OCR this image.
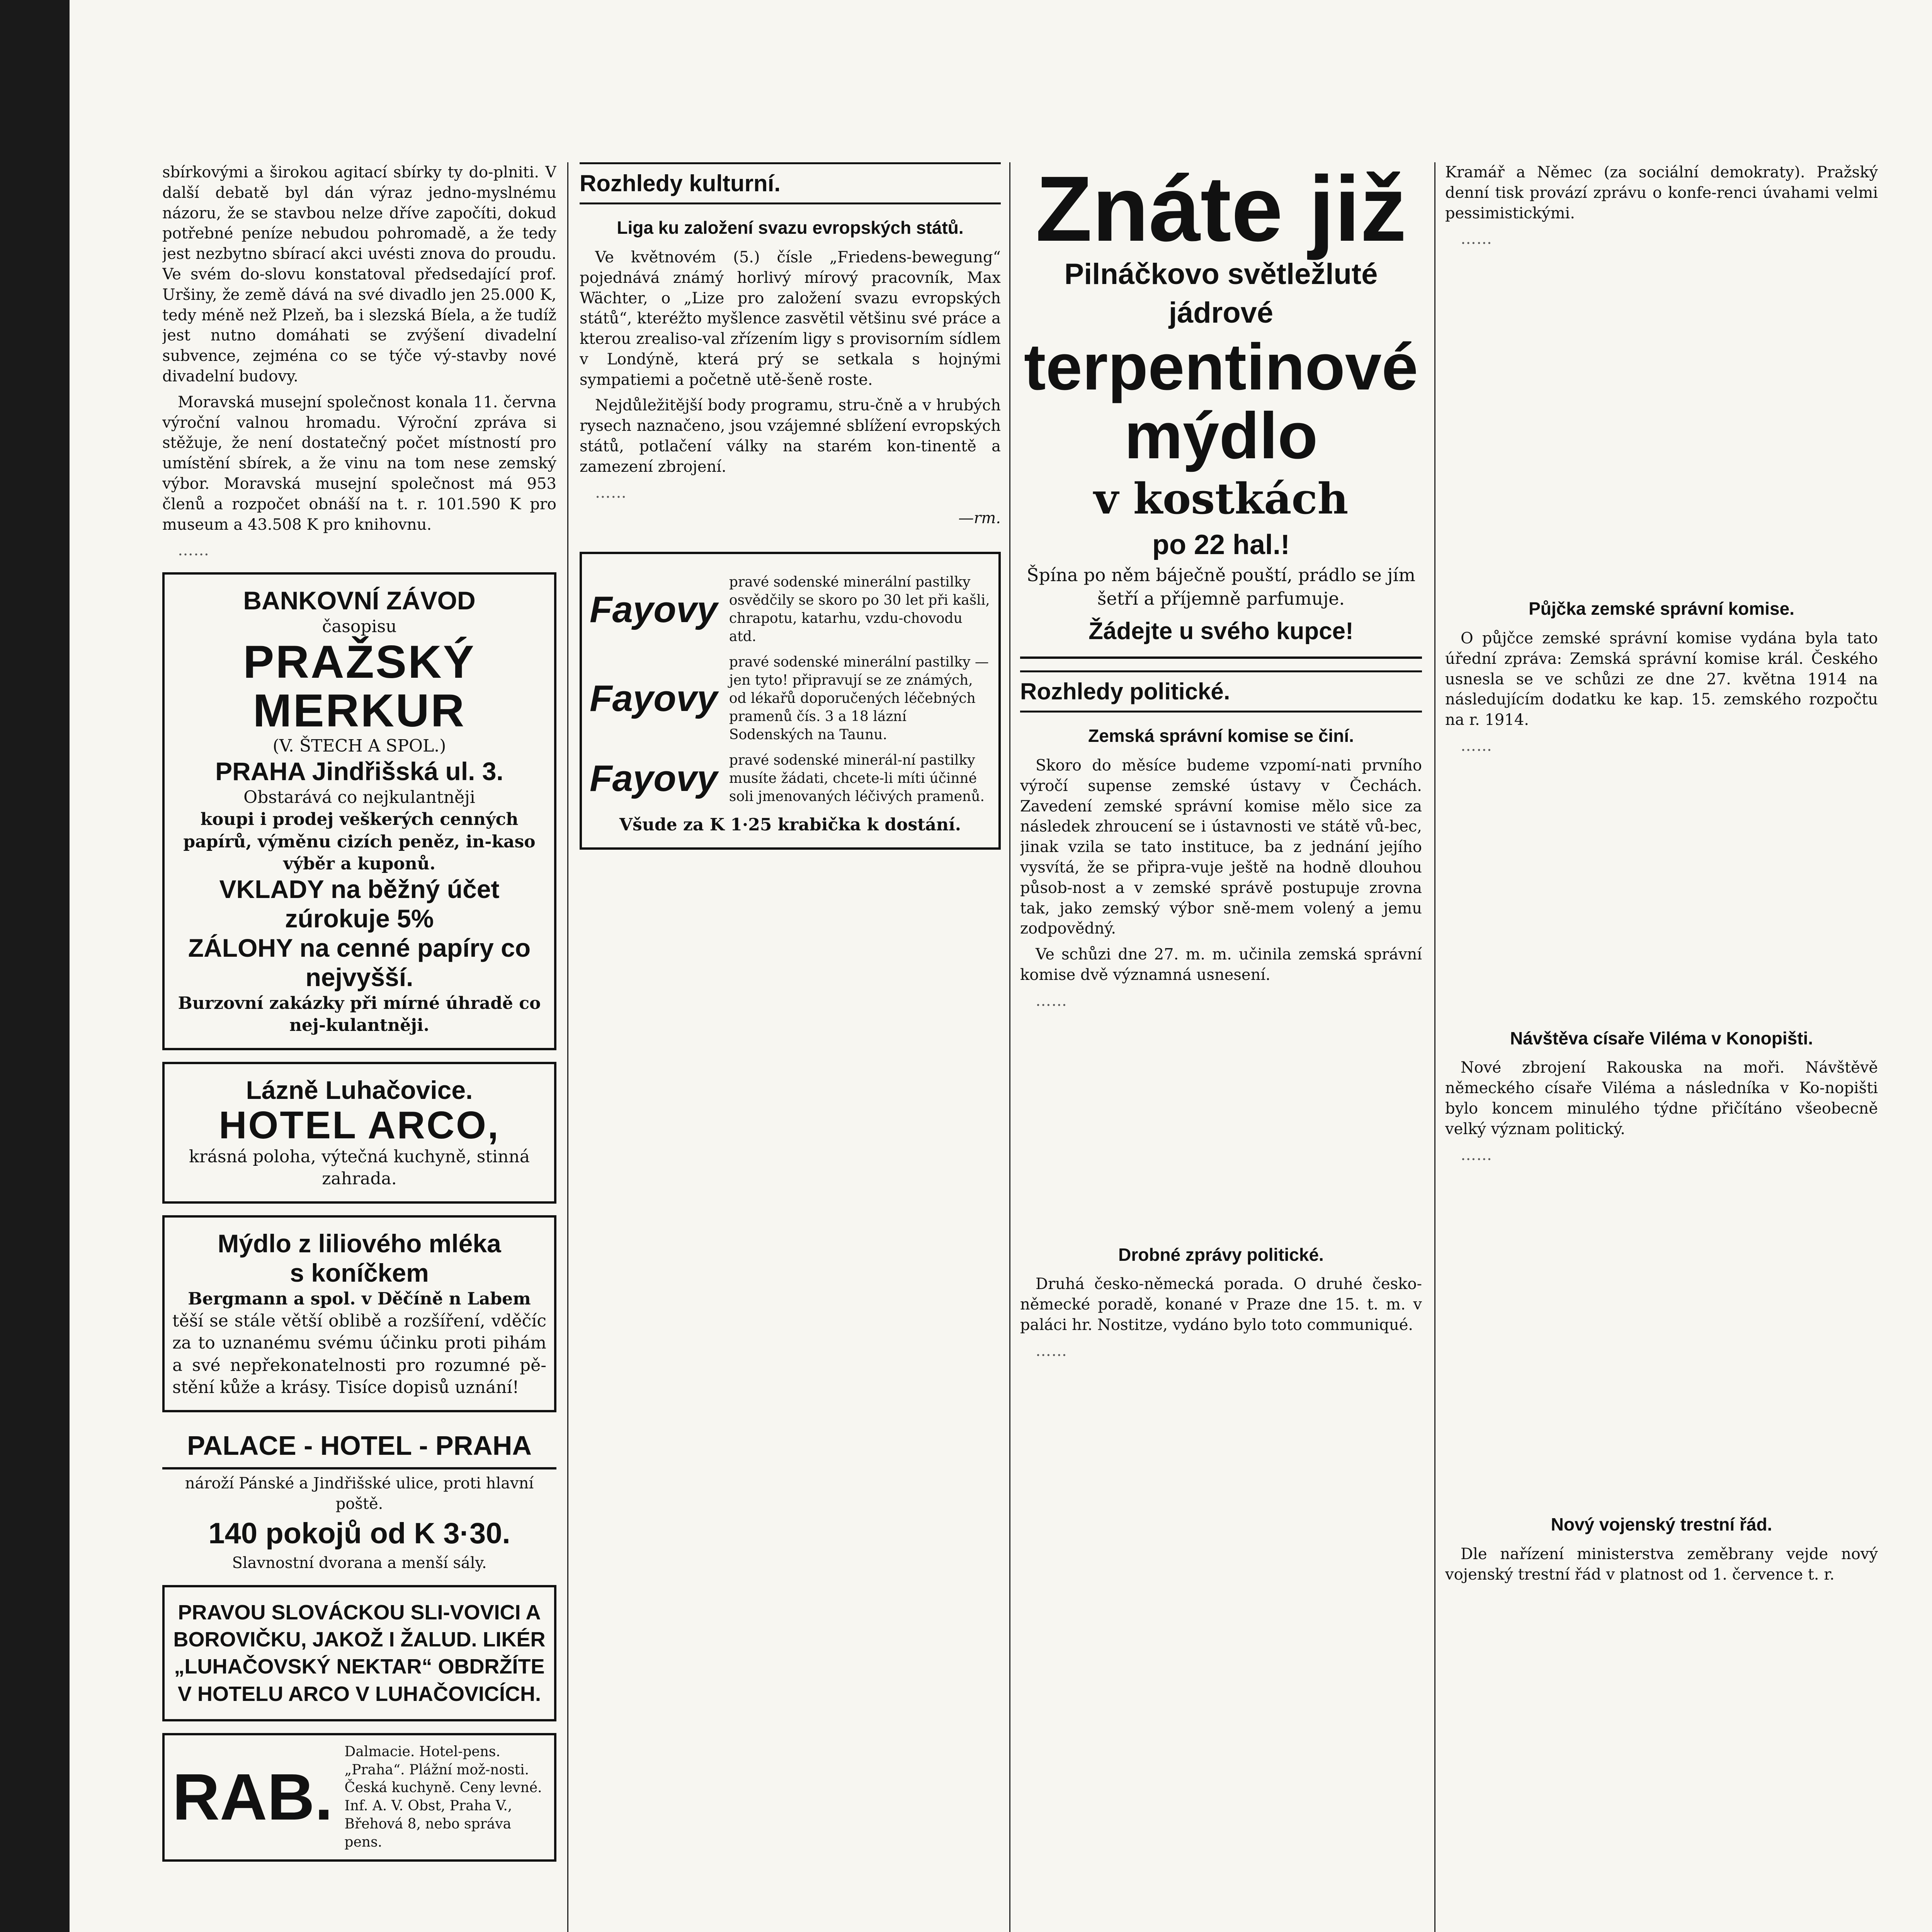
sbírkovými a širokou agitací sbírky ty do-plniti. V další debatě byl dán výraz jedno-myslnému názoru, že se stavbou nelze dříve započíti, dokud potřebné peníze nebudou pohromadě, a že tedy jest nezbytno sbírací akci uvésti znova do proudu. Ve svém do-slovu konstatoval předsedající prof. Uršiny, že země dává na své divadlo jen 25.000 K, tedy méně než Plzeň, ba i slezská Bíela, a že tudíž jest nutno domáhati se zvýšení divadelní subvence, zejména co se týče vý-stavby nové divadelní budovy.

Moravská musejní společnost konala 11. června výroční valnou hromadu. Výroční zpráva si stěžuje, že není dostatečný počet místností pro umístění sbírek, a že vinu na tom nese zemský výbor. Moravská musejní společnost má 953 členů a rozpočet obnáší na t. r. 101.590 K pro museum a 43.508 K pro knihovnu.

……

BANKOVNÍ ZÁVOD
časopisu
PRAŽSKÝ MERKUR
(V. ŠTECH A SPOL.)
PRAHA Jindřišská ul. 3.
Obstarává co nejkulantněji
koupi i prodej veškerých cenných papírů, výměnu cizích peněz, in-kaso výběr a kuponů.
VKLADY na běžný účet zúrokuje 5%
ZÁLOHY na cenné papíry co nejvyšší.
Burzovní zakázky při mírné úhradě co nej-kulantněji.
Lázně Luhačovice.
HOTEL ARCO,
krásná poloha, výtečná kuchyně, stinná zahrada.
Mýdlo z liliového mléka
s koníčkem
Bergmann a spol. v Děčíně n Labem
těší se stále větší oblibě a rozšíření, vděčíc za to uznanému svému účinku proti pihám a své nepřekonatelnosti pro rozumné pě-stění kůže a krásy. Tisíce dopisů uznání!
PALACE - HOTEL - PRAHA
nároží Pánské a Jindřišské ulice, proti hlavní poště.
140 pokojů od K 3·30.
Slavnostní dvorana a menší sály.
PRAVOU SLOVÁCKOU SLI-VOVICI A BOROVIČKU, JAKOŽ I ŽALUD. LIKÉR „LUHAČOVSKÝ NEKTAR“ OBDRŽÍTE V HOTELU ARCO V LUHAČOVICÍCH.
RAB.
Dalmacie. Hotel-pens. „Praha“. Plážní mož-nosti. Česká kuchyně. Ceny levné. Inf. A. V. Obst, Praha V., Břehová 8, nebo správa pens.
Rozhledy kulturní.
Liga ku založení svazu evropských států.

Ve květnovém (5.) čísle „Friedens-bewegung“ pojednává známý horlivý mírový pracovník, Max Wächter, o „Lize pro založení svazu evropských států“, kteréžto myšlence zasvětil většinu své práce a kterou zrealiso-val zřízením ligy s provisorním sídlem v Londýně, která prý se setkala s hojnými sympatiemi a početně utě-šeně roste.

Nejdůležitější body programu, stru-čně a v hrubých rysech naznačeno, jsou vzájemné sblížení evropských států, potlačení války na starém kon-tinentě a zamezení zbrojení.

……

—rm.

Fayovy
pravé sodenské minerální pastilky osvědčily se skoro po 30 let při kašli, chrapotu, katarhu, vzdu-chovodu atd.
Fayovy
pravé sodenské minerální pastilky — jen tyto! připravují se ze známých, od lékařů doporučených léčebných pramenů čís. 3 a 18 lázní Sodenských na Taunu.
Fayovy pravé sodenské minerál-ní pastilky musíte žádati, chcete-li míti účinné soli jmenovaných léčivých pramenů.
Všude za K 1·25 krabička k dostání.
Znáte již
Pilnáčkovo světležluté jádrové
terpentinové mýdlo
v kostkách
po 22 hal.!
Špína po něm báječně pouští, prádlo se jím šetří a příjemně parfumuje.
Žádejte u svého kupce!
Rozhledy politické.
Zemská správní komise se činí.

Skoro do měsíce budeme vzpomí-nati prvního výročí supense zemské ústavy v Čechách. Zavedení zemské správní komise mělo sice za následek zhroucení se i ústavnosti ve státě vů-bec, jinak vzila se tato instituce, ba z jednání jejího vysvítá, že se připra-vuje ještě na hodně dlouhou působ-nost a v zemské správě postupuje zrovna tak, jako zemský výbor sně-mem volený a jemu zodpovědný.

Ve schůzi dne 27. m. m. učinila zemská správní komise dvě významná usnesení.

……

Drobné zprávy politické.

Druhá česko-německá porada. O druhé česko-německé poradě, konané v Praze dne 15. t. m. v paláci hr. Nostitze, vydáno bylo toto communiqué.

……

Kramář a Němec (za sociální demokraty). Pražský denní tisk provází zprávu o konfe-renci úvahami velmi pessimistickými.

……

Půjčka zemské správní komise.

O půjčce zemské správní komise vydána byla tato úřední zpráva: Zemská správní komise král. Českého usnesla se ve schůzi ze dne 27. května 1914 na následujícím dodatku ke kap. 15. zemského rozpočtu na r. 1914.

……

Návštěva císaře Viléma v Konopišti.

Nové zbrojení Rakouska na moři. Návštěvě německého císaře Viléma a následníka v Ko-nopišti bylo koncem minulého týdne přičítáno všeobecně velký význam politický.

……

Nový vojenský trestní řád.

Dle nařízení ministerstva zeměbrany vejde nový vojenský trestní řád v platnost od 1. července t. r.
